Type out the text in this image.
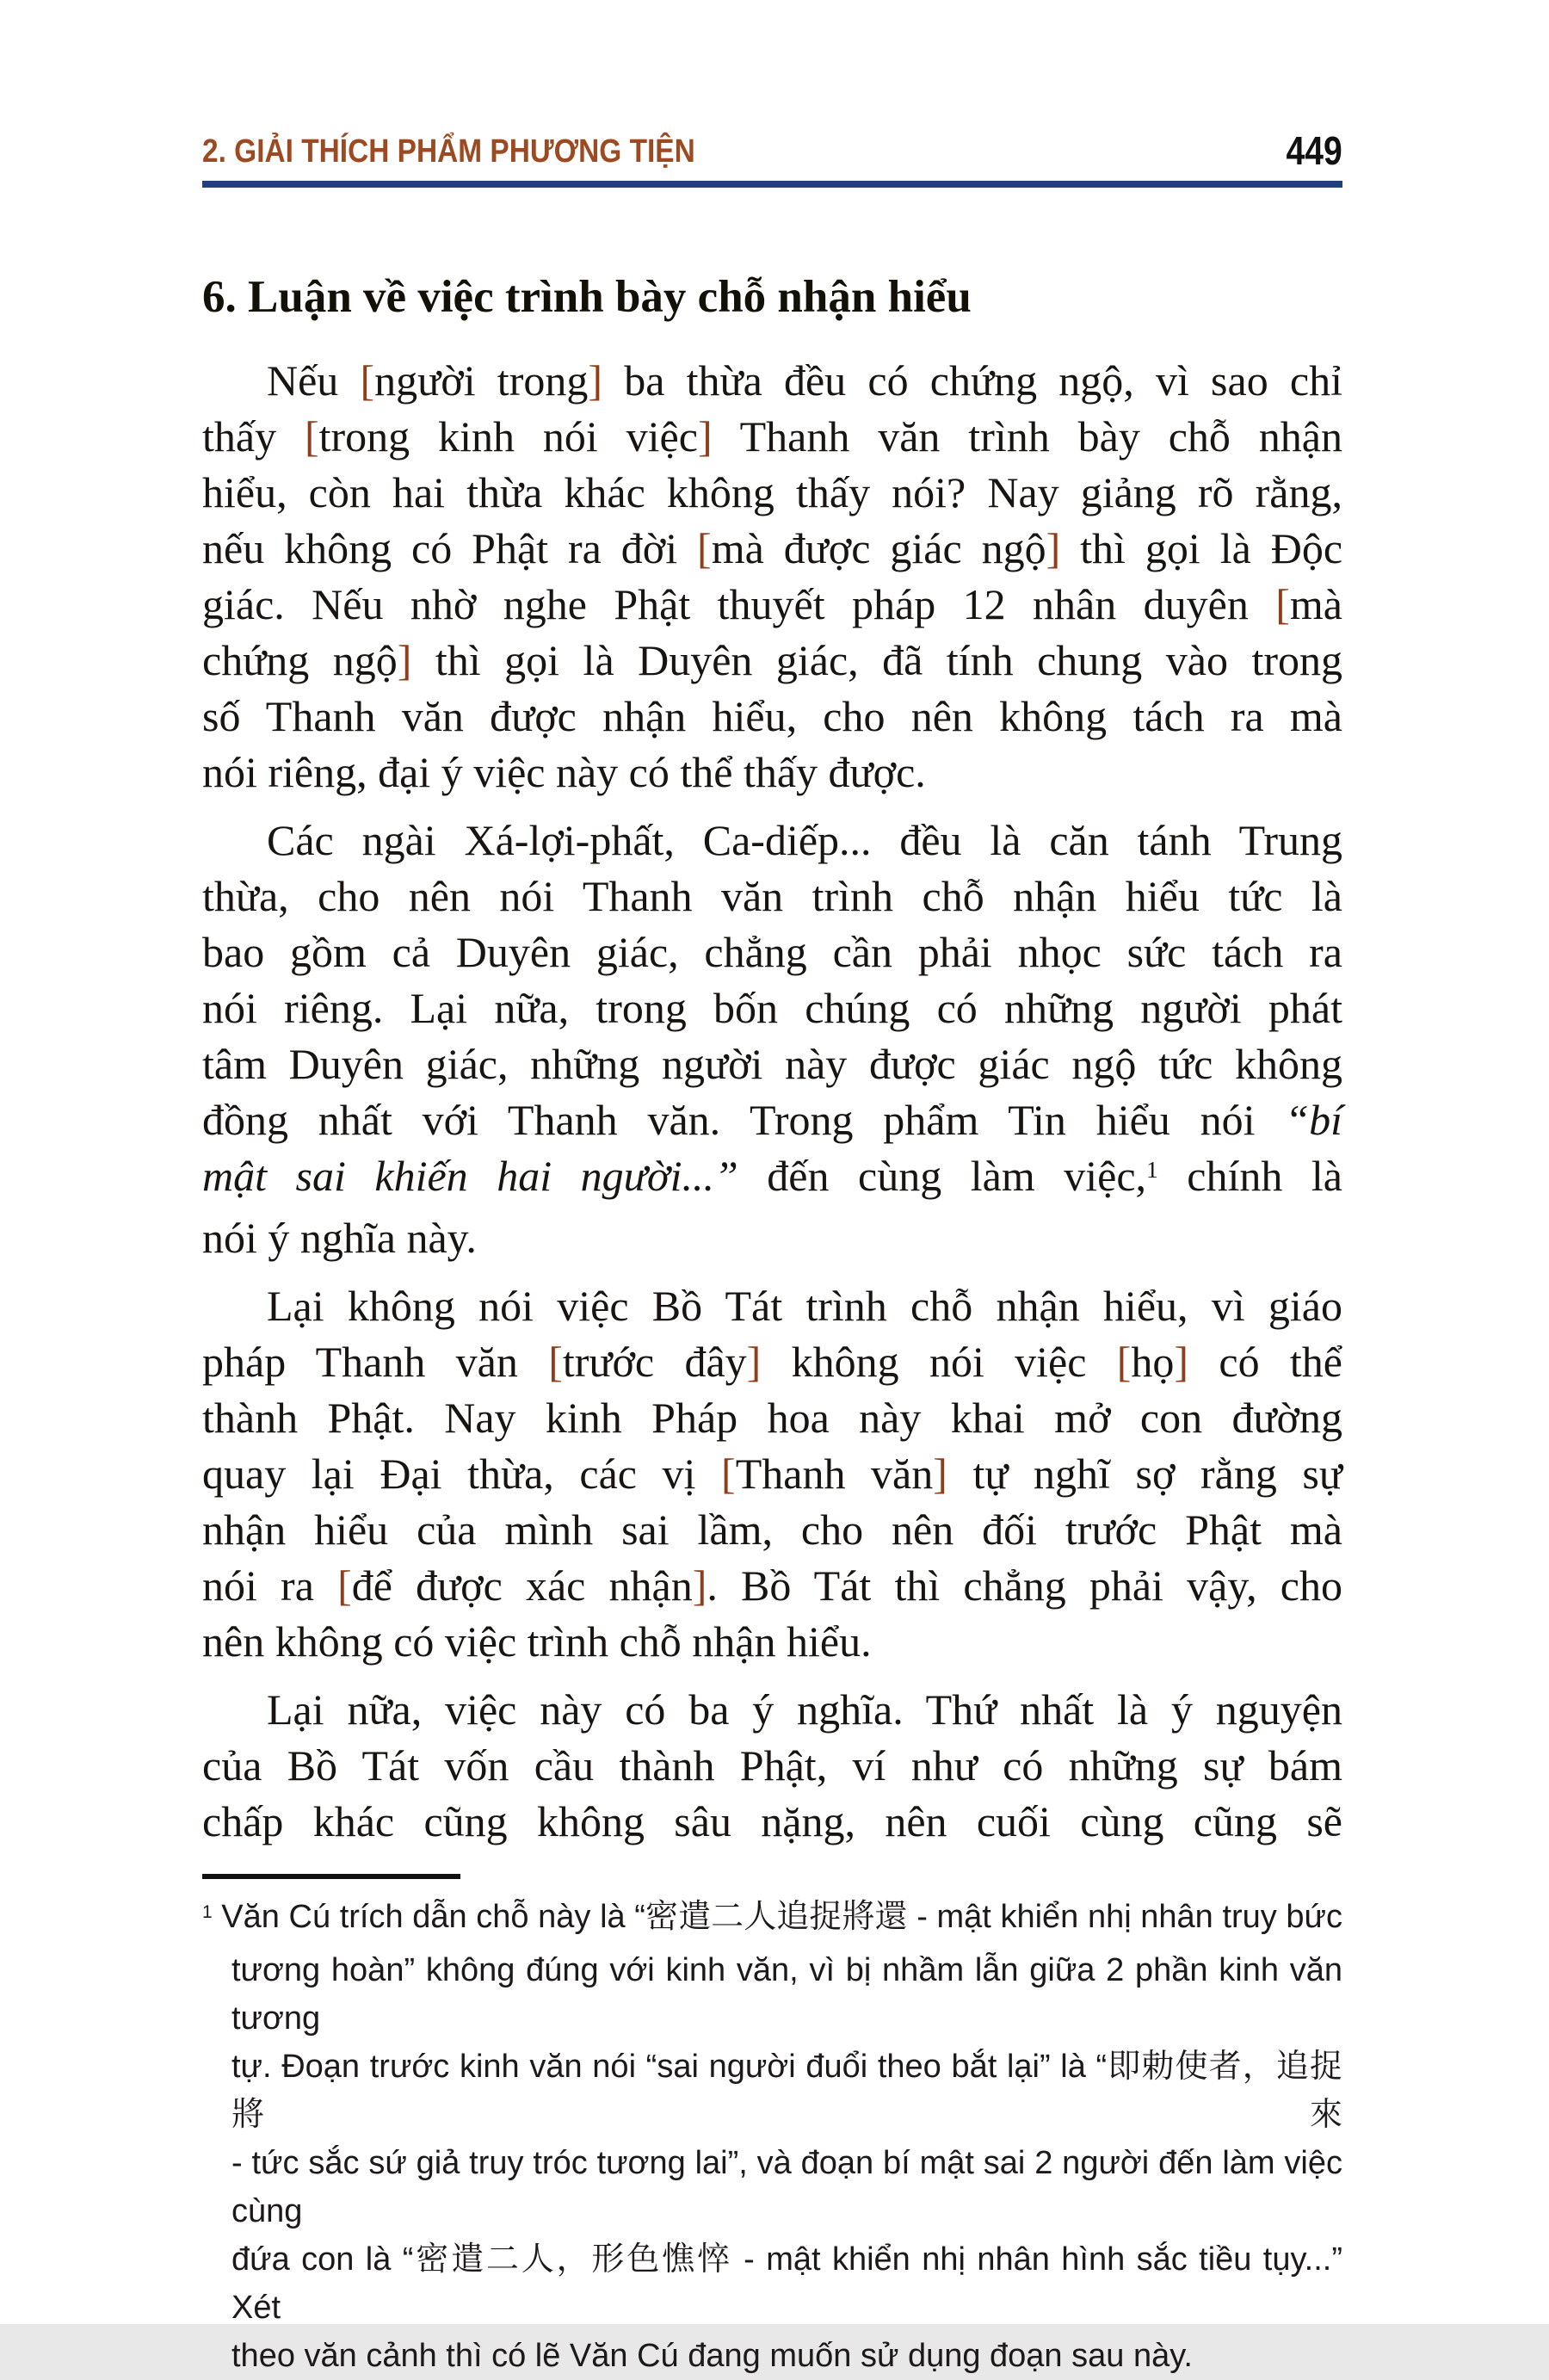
2. GIẢI THÍCH PHẨM PHƯƠNG TIỆN	449
6. Luận về việc trình bày chỗ nhận hiểu
Nếu [người trong] ba thừa đều có chứng ngộ, vì sao chỉ
thấy [trong kinh nói việc] Thanh văn trình bày chỗ nhận
hiểu, còn hai thừa khác không thấy nói? Nay giảng rõ rằng,
nếu không có Phật ra đời [mà được giác ngộ] thì gọi là Độc
giác. Nếu nhờ nghe Phật thuyết pháp 12 nhân duyên [mà
chứng ngộ] thì gọi là Duyên giác, đã tính chung vào trong
số Thanh văn được nhận hiểu, cho nên không tách ra mà
nói riêng, đại ý việc này có thể thấy được.
Các ngài Xá-lợi-phất, Ca-diếp... đều là căn tánh Trung
thừa, cho nên nói Thanh văn trình chỗ nhận hiểu tức là
bao gồm cả Duyên giác, chẳng cần phải nhọc sức tách ra
nói riêng. Lại nữa, trong bốn chúng có những người phát
tâm Duyên giác, những người này được giác ngộ tức không
đồng nhất với Thanh văn. Trong phẩm Tin hiểu nói “bí
mật sai khiến hai người...” đến cùng làm việc,$^1$ chính là
nói ý nghĩa này.
Lại không nói việc Bồ Tát trình chỗ nhận hiểu, vì giáo
pháp Thanh văn [trước đây] không nói việc [họ] có thể
thành Phật. Nay kinh Pháp hoa này khai mở con đường
quay lại Đại thừa, các vị [Thanh văn] tự nghĩ sợ rằng sự
nhận hiểu của mình sai lầm, cho nên đối trước Phật mà
nói ra [để được xác nhận]. Bồ Tát thì chẳng phải vậy, cho
nên không có việc trình chỗ nhận hiểu.
Lại nữa, việc này có ba ý nghĩa. Thứ nhất là ý nguyện
của Bồ Tát vốn cầu thành Phật, ví như có những sự bám
chấp khác cũng không sâu nặng, nên cuối cùng cũng sẽ
$^1$ Văn Cú trích dẫn chỗ này là “密遣二人追捉將還 - mật khiển nhị nhân truy bức
tương hoàn” không đúng với kinh văn, vì bị nhầm lẫn giữa 2 phần kinh văn tương
tự. Đoạn trước kinh văn nói “sai người đuổi theo bắt lại” là “即勅使者，追捉將來
- tức sắc sứ giả truy tróc tương lai”, và đoạn bí mật sai 2 người đến làm việc cùng
đứa con là “密遣二人，形色憔悴 - mật khiển nhị nhân hình sắc tiều tụy...” Xét
theo văn cảnh thì có lẽ Văn Cú đang muốn sử dụng đoạn sau này.
